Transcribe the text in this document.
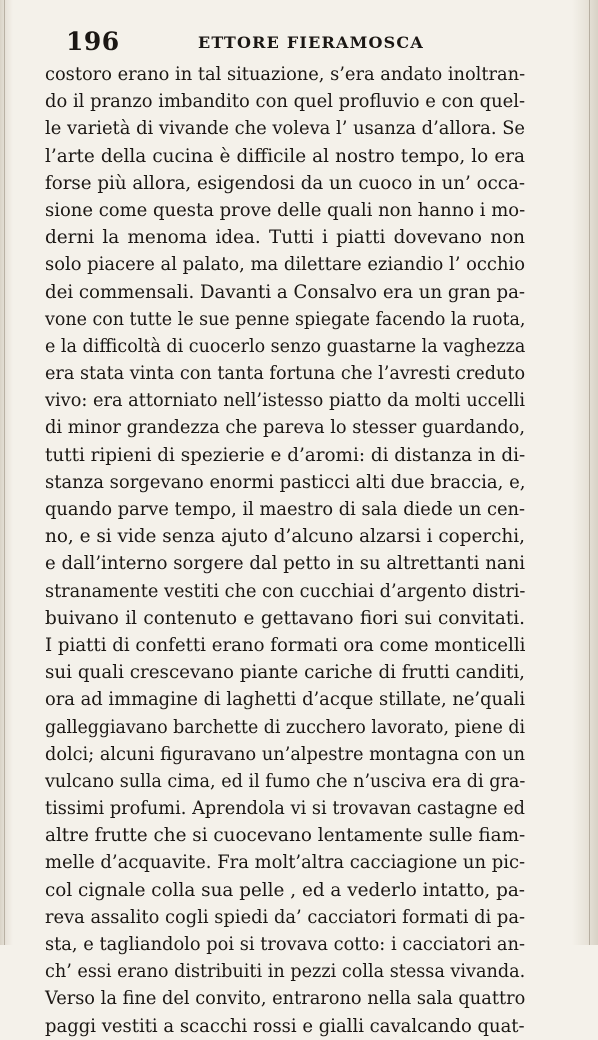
196	ETTORE FIERAMOSCA
costoro erano in tal situazione, s’era andato inoltran-
do il pranzo imbandito con quel profluvio e con quel-
le varietà di vivande che voleva l’ usanza d’allora. Se
l’arte della cucina è difficile al nostro tempo, lo era
forse più allora, esigendosi da un cuoco in un’ occa-
sione come questa prove delle quali non hanno i mo-
derni la menoma idea. Tutti i piatti dovevano non
solo piacere al palato, ma dilettare eziandio l’ occhio
dei commensali. Davanti a Consalvo era un gran pa-
vone con tutte le sue penne spiegate facendo la ruota,
e la difficoltà di cuocerlo senzo guastarne la vaghezza
era stata vinta con tanta fortuna che l’avresti creduto
vivo: era attorniato nell’istesso piatto da molti uccelli
di minor grandezza che pareva lo stesser guardando,
tutti ripieni di spezierie e d’aromi: di distanza in di-
stanza sorgevano enormi pasticci alti due braccia, e,
quando parve tempo, il maestro di sala diede un cen-
no, e si vide senza ajuto d’alcuno alzarsi i coperchi,
e dall’interno sorgere dal petto in su altrettanti nani
stranamente vestiti che con cucchiai d’argento distri-
buivano il contenuto e gettavano fiori sui convitati.
I piatti di confetti erano formati ora come monticelli
sui quali crescevano piante cariche di frutti canditi,
ora ad immagine di laghetti d’acque stillate, ne’quali
galleggiavano barchette di zucchero lavorato, piene di
dolci; alcuni figuravano un’alpestre montagna con un
vulcano sulla cima, ed il fumo che n’usciva era di gra-
tissimi profumi. Aprendola vi si trovavan castagne ed
altre frutte che si cuocevano lentamente sulle fiam-
melle d’acquavite. Fra molt’altra cacciagione un pic-
col cignale colla sua pelle , ed a vederlo intatto, pa-
reva assalito cogli spiedi da’ cacciatori formati di pa-
sta, e tagliandolo poi si trovava cotto: i cacciatori an-
ch’ essi erano distribuiti in pezzi colla stessa vivanda.
Verso la fine del convito, entrarono nella sala quattro
paggi vestiti a scacchi rossi e gialli cavalcando quat-
